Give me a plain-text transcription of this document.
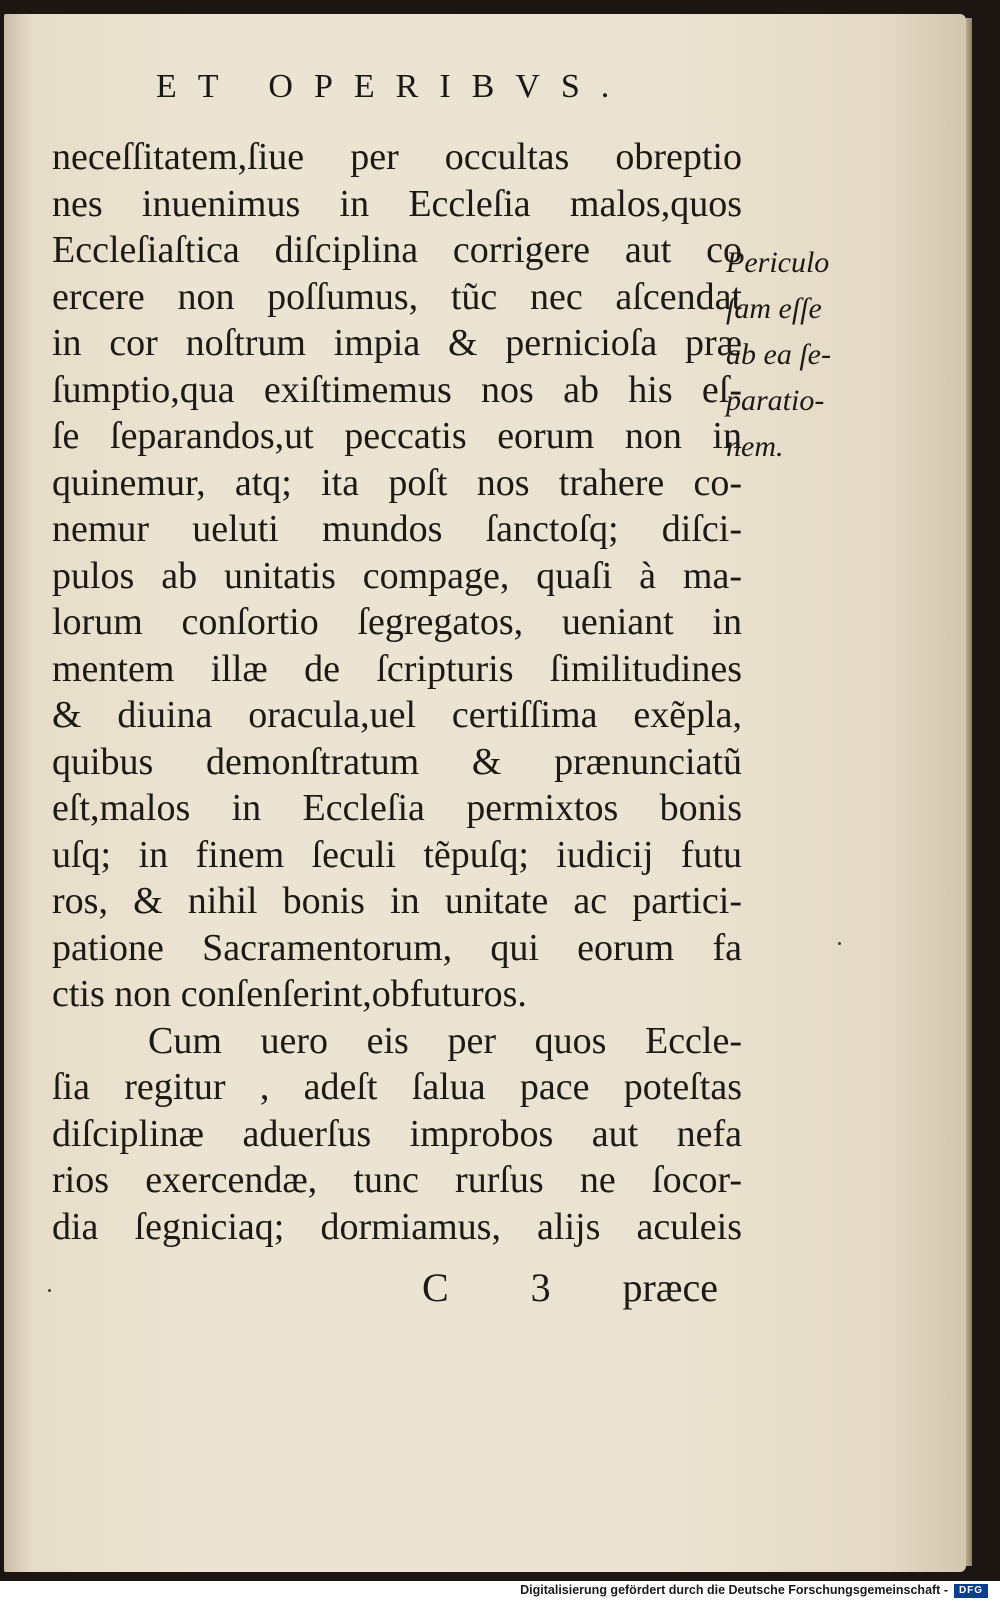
ET OPERIBVS.
neceſſitatem,ſiue per occultas obreptio
nes inuenimus in Eccleſia malos,quos
Eccleſiaſtica diſciplina corrigere aut co
ercere non poſſumus, tũc nec aſcendat
in cor noſtrum impia & pernicioſa præ
ſumptio,qua exiſtimemus nos ab his eſ-
ſe ſeparandos,ut peccatis eorum non in
quinemur, atq; ita poſt nos trahere co-
nemur ueluti mundos ſanctoſq; diſci-
pulos ab unitatis compage, quaſi à ma-
lorum conſortio ſegregatos, ueniant in
mentem illæ de ſcripturis ſimilitudines
& diuina oracula,uel certiſſima exẽpla,
quibus demonſtratum & prænunciatũ
eſt,malos in Eccleſia permixtos bonis
uſq; in finem ſeculi tẽpuſq; iudicij futu
ros, & nihil bonis in unitate ac partici-
patione Sacramentorum, qui eorum fa
ctis non conſenſerint,obfuturos.
Cum uero eis per quos Eccle-
ſia regitur , adeſt ſalua pace poteſtas
diſciplinæ aduerſus improbos aut nefa
rios exercendæ, tunc rurſus ne ſocor-
dia ſegniciaq; dormiamus, alijs aculeis
Periculo
ſam eſſe
ab ea ſe-
paratio-
nem.
C 3 præce
Digitalisierung gefördert durch die Deutsche Forschungsgemeinschaft -	DFG
